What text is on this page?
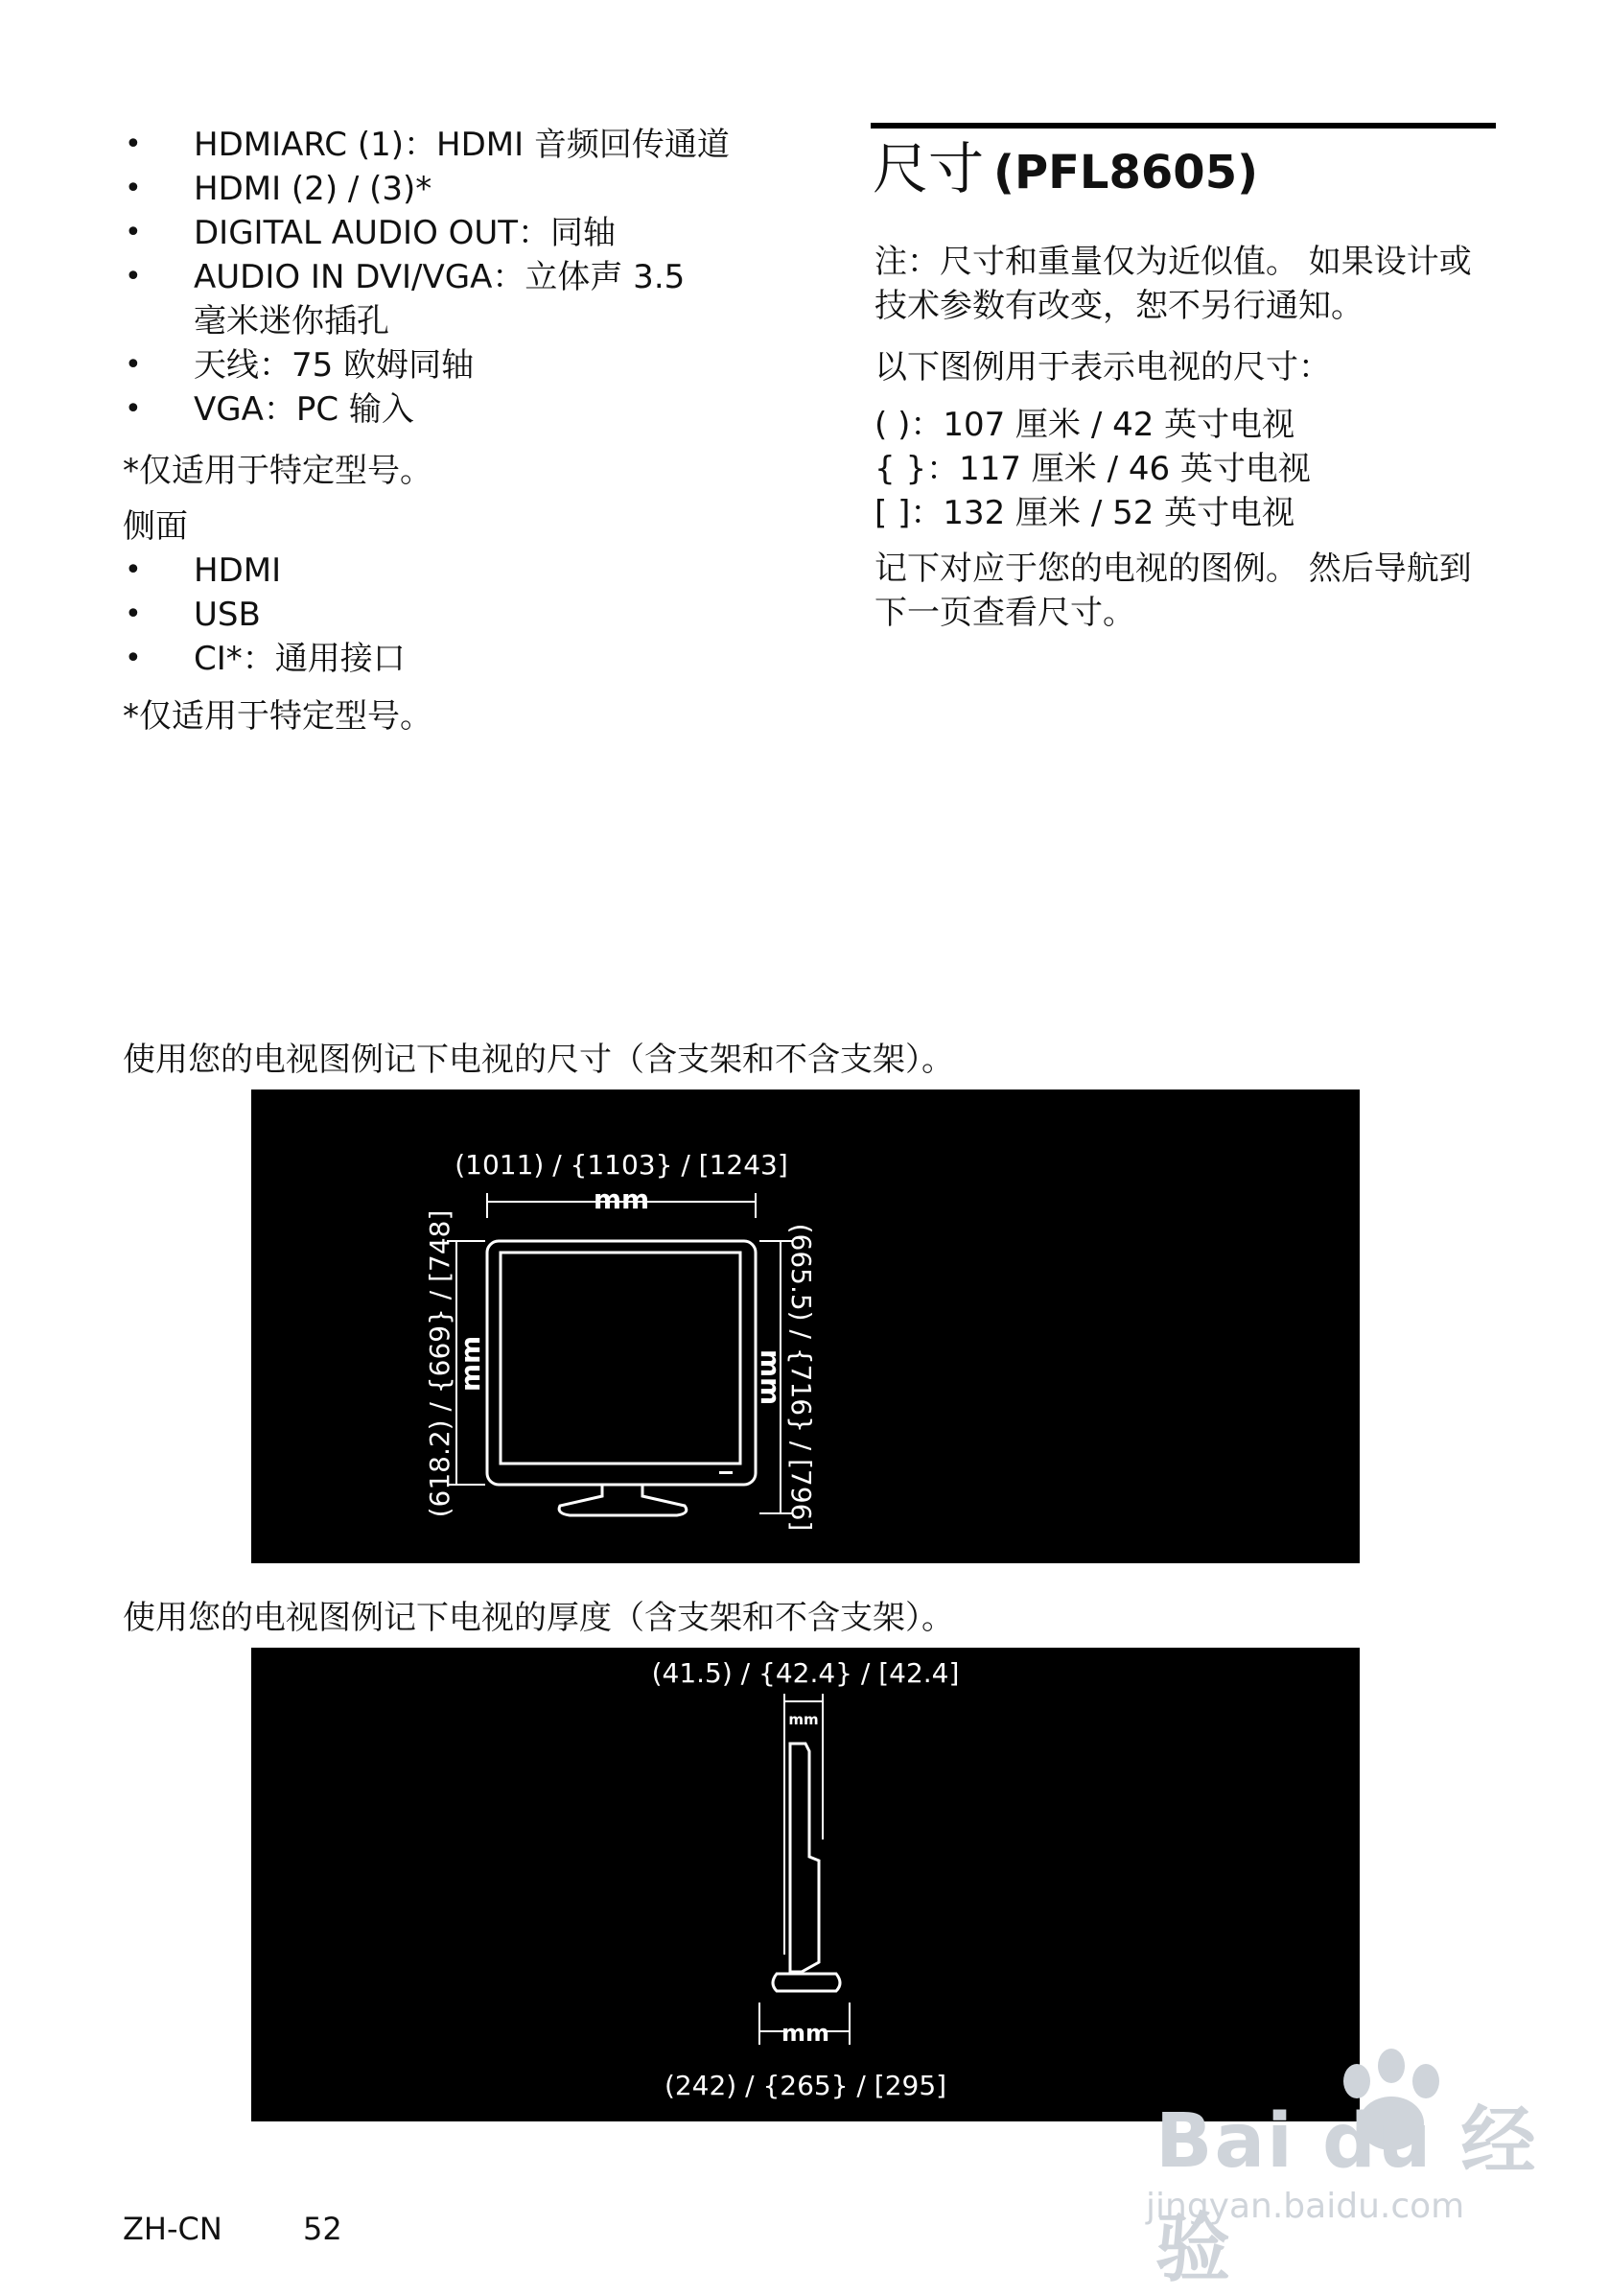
• HDMIARC (1)：HDMI 音频回传通道
• HDMI (2) / (3)*
• DIGITAL AUDIO OUT：同轴
• AUDIO IN DVI/VGA：立体声 3.5 毫米迷你插孔
• 天线：75 欧姆同轴
• VGA：PC 输入
*仅适用于特定型号。
侧面
• HDMI
• USB
• CI*：通用接口
*仅适用于特定型号。
尺寸 (PFL8605)
注：尺寸和重量仅为近似值。 如果设计或技术参数有改变，恕不另行通知。
以下图例用于表示电视的尺寸：
( )：107 厘米 / 42 英寸电视
{ }：117 厘米 / 46 英寸电视
[ ]：132 厘米 / 52 英寸电视
记下对应于您的电视的图例。 然后导航到下一页查看尺寸。
使用您的电视图例记下电视的尺寸（含支架和不含支架）。
(1011) / {1103} / [1243]
mm
(618.2) / {669} / [748] mm	mm (665.5) / {716} / [796]
使用您的电视图例记下电视的厚度（含支架和不含支架）。
(41.5) / {42.4} / [42.4]
mm
mm
(242) / {265} / [295]
ZH-CN	52
Bai du 经验
jingyan.baidu.com
